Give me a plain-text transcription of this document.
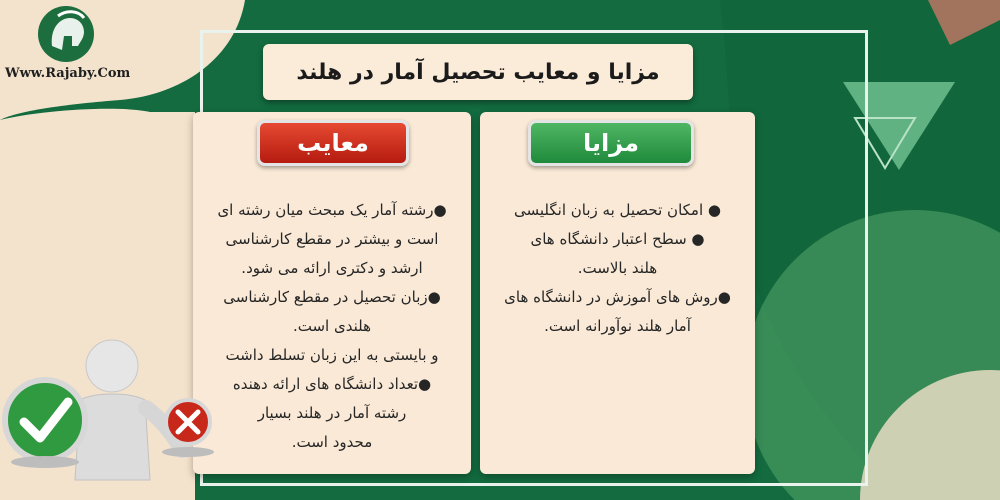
Www.Rajaby.Com	مزایا و معایب تحصیل آمار در هلند
معایب

●رشته آمار یک مبحث میان رشته ای

است و بیشتر در مقطع کارشناسی

ارشد و دکتری ارائه می شود.

●زبان تحصیل در مقطع کارشناسی

هلندی است.

و بایستی به این زبان تسلط داشت

●تعداد دانشگاه های ارائه دهنده

رشته آمار در هلند بسیار

محدود است.

مزایا

● امکان تحصیل به زبان انگلیسی

● سطح اعتبار دانشگاه های

هلند بالاست.

●روش های آموزش در دانشگاه های

آمار هلند نوآورانه است.
